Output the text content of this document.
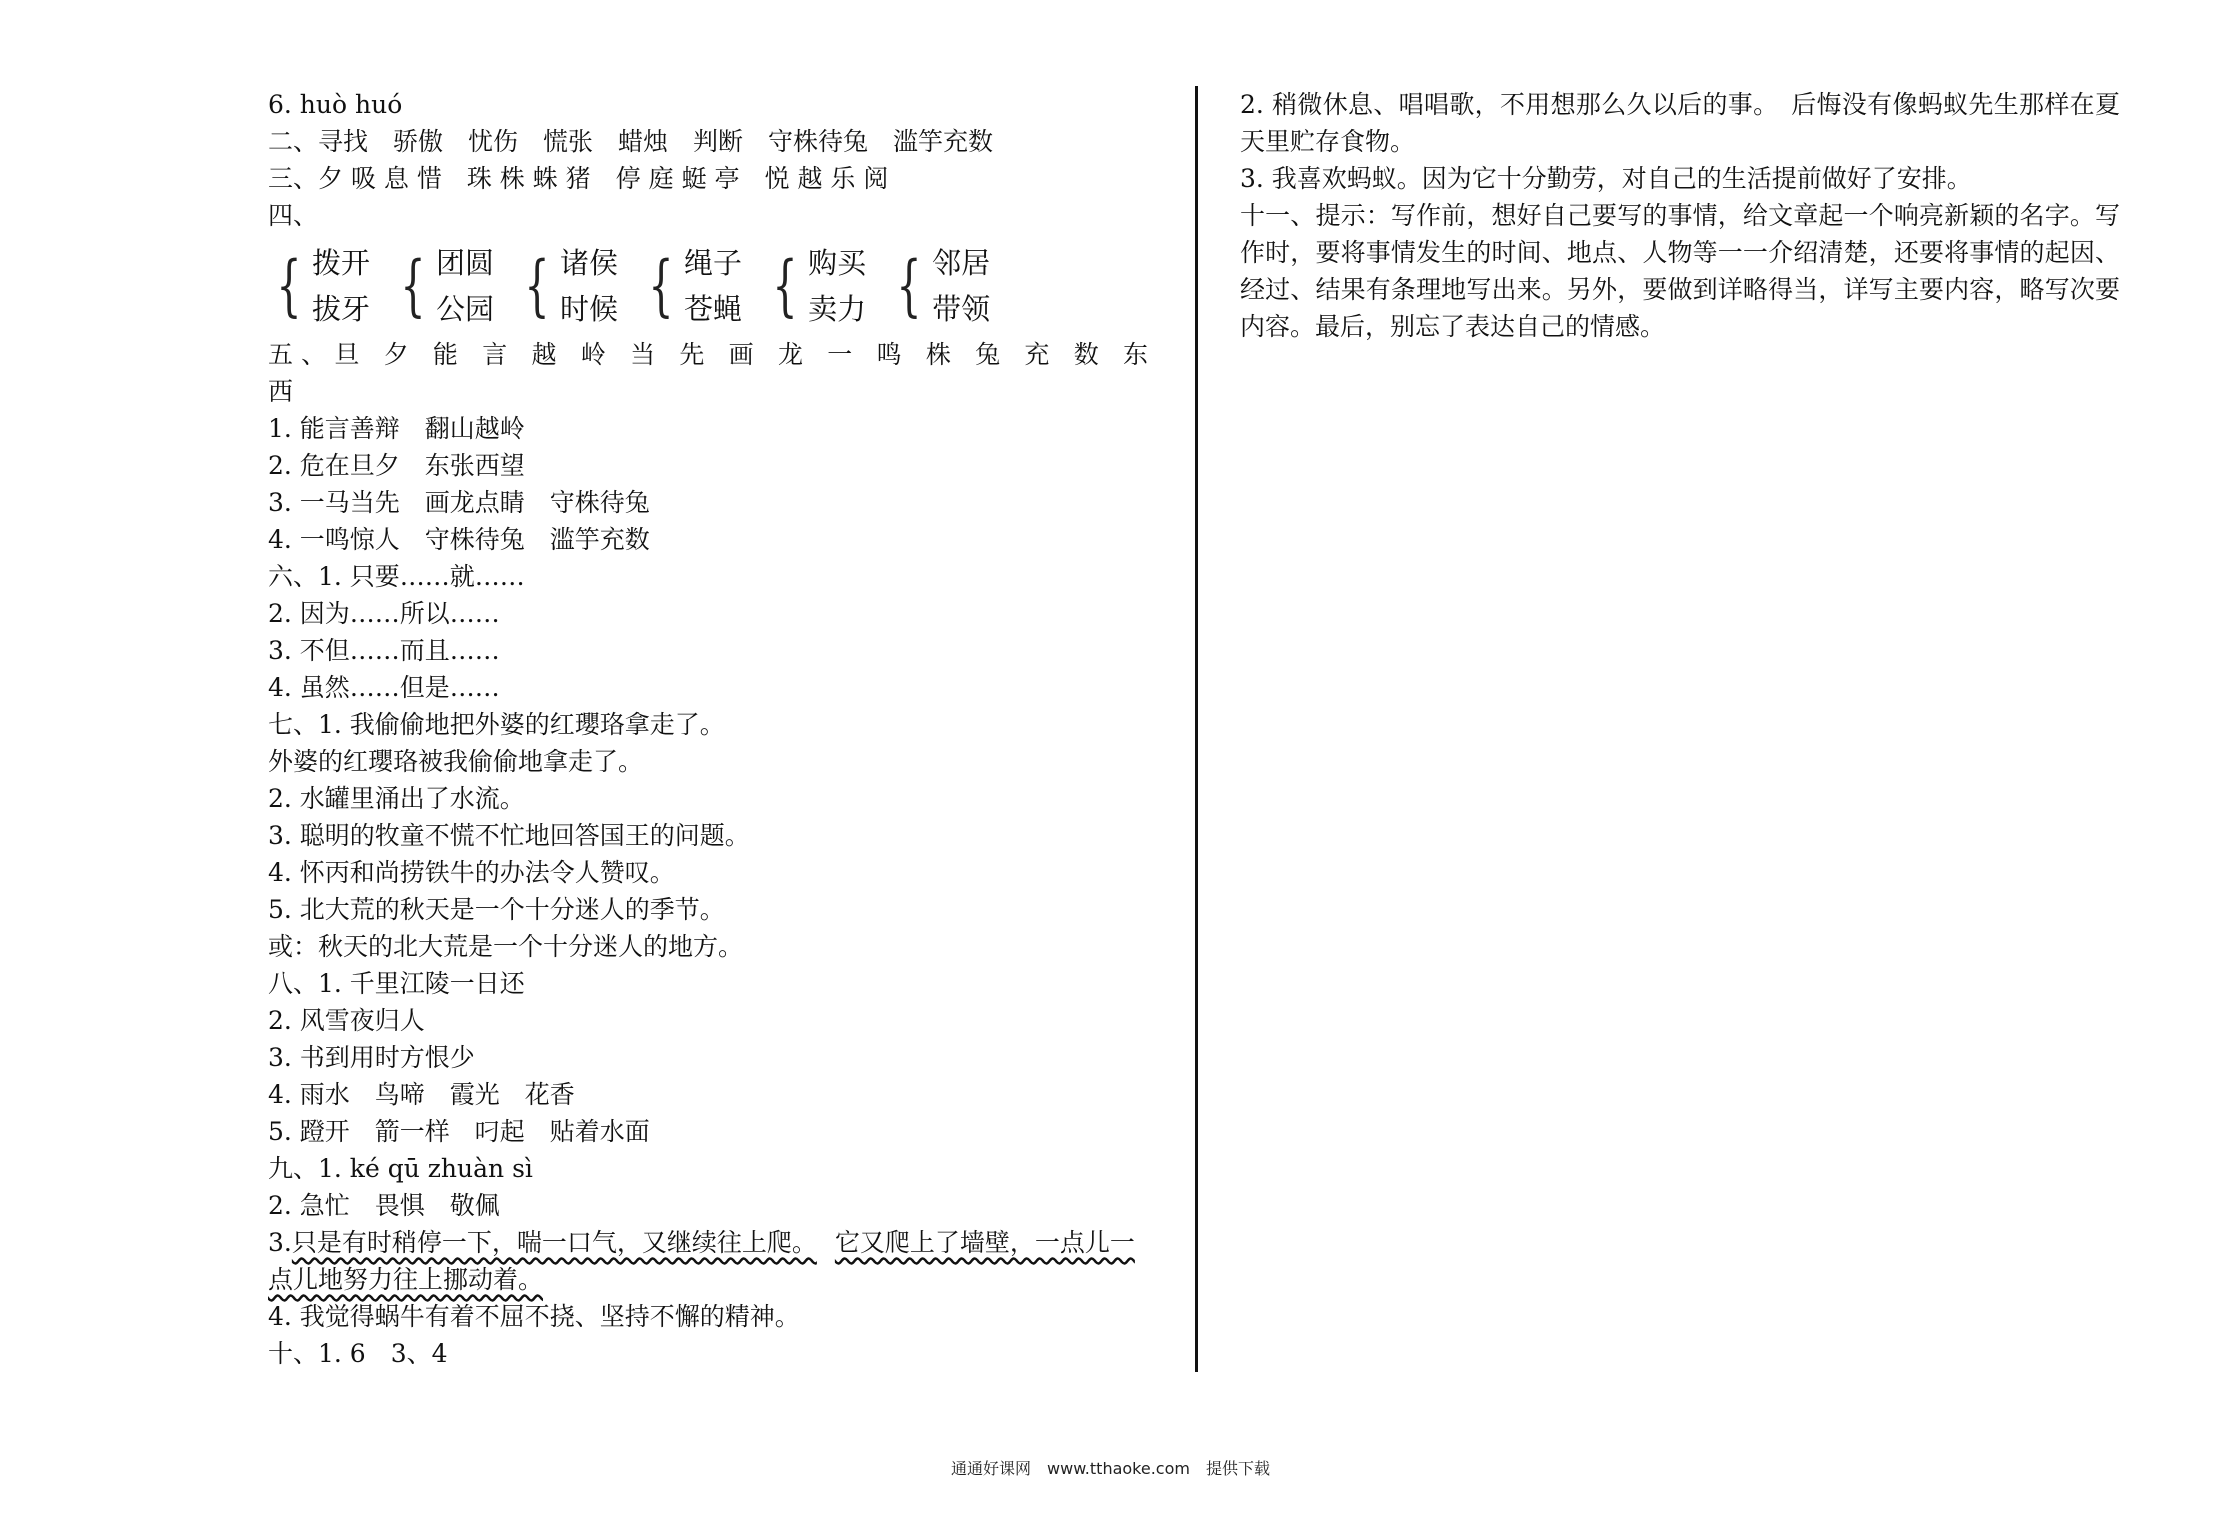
6. huò huó
二、寻找　骄傲　忧伤　慌张　蜡烛　判断　守株待兔　滥竽充数
三、夕 吸 息 惜　珠 株 蛛 猪　停 庭 蜓 亭　悦 越 乐 阅
四、
{ 拨开
拔牙 { 团圆
公园 { 诸侯
时候 { 绳子
苍蝇 { 购买
卖力 { 邻居
带领
五、旦 夕 能 言 越 岭 当 先 画 龙 一 鸣 株 兔 充 数 东
西
1. 能言善辩　翻山越岭
2. 危在旦夕　东张西望
3. 一马当先　画龙点睛　守株待兔
4. 一鸣惊人　守株待兔　滥竽充数
六、1. 只要……就……
2. 因为……所以……
3. 不但……而且……
4. 虽然……但是……
七、1. 我偷偷地把外婆的红瓔珞拿走了。
外婆的红瓔珞被我偷偷地拿走了。
2. 水罐里涌出了水流。
3. 聪明的牧童不慌不忙地回答国王的问题。
4. 怀丙和尚捞铁牛的办法令人赞叹。
5. 北大荒的秋天是一个十分迷人的季节。
或：秋天的北大荒是一个十分迷人的地方。
八、1. 千里江陵一日还
2. 风雪夜归人
3. 书到用时方恨少
4. 雨水　鸟啼　霞光　花香
5. 蹬开　箭一样　叼起　贴着水面
九、1. ké qū zhuàn sì
2. 急忙　畏惧　敬佩
3.只是有时稍停一下，喘一口气，又继续往上爬。 它又爬上了墙壁，一点儿一
点儿地努力往上挪动着。
4. 我觉得蜗牛有着不屈不挠、坚持不懈的精神。
十、1. 6　3、4
2. 稍微休息、唱唱歌，不用想那么久以后的事。　后悔没有像蚂蚁先生那样在夏天里贮存食物。
3. 我喜欢蚂蚁。因为它十分勤劳，对自己的生活提前做好了安排。
十一、提示：写作前，想好自己要写的事情，给文章起一个响亮新颖的名字。写作时，要将事情发生的时间、地点、人物等一一介绍清楚，还要将事情的起因、经过、结果有条理地写出来。另外，要做到详略得当，详写主要内容，略写次要内容。最后，别忘了表达自己的情感。
通通好课网　www.tthaoke.com　提供下载
